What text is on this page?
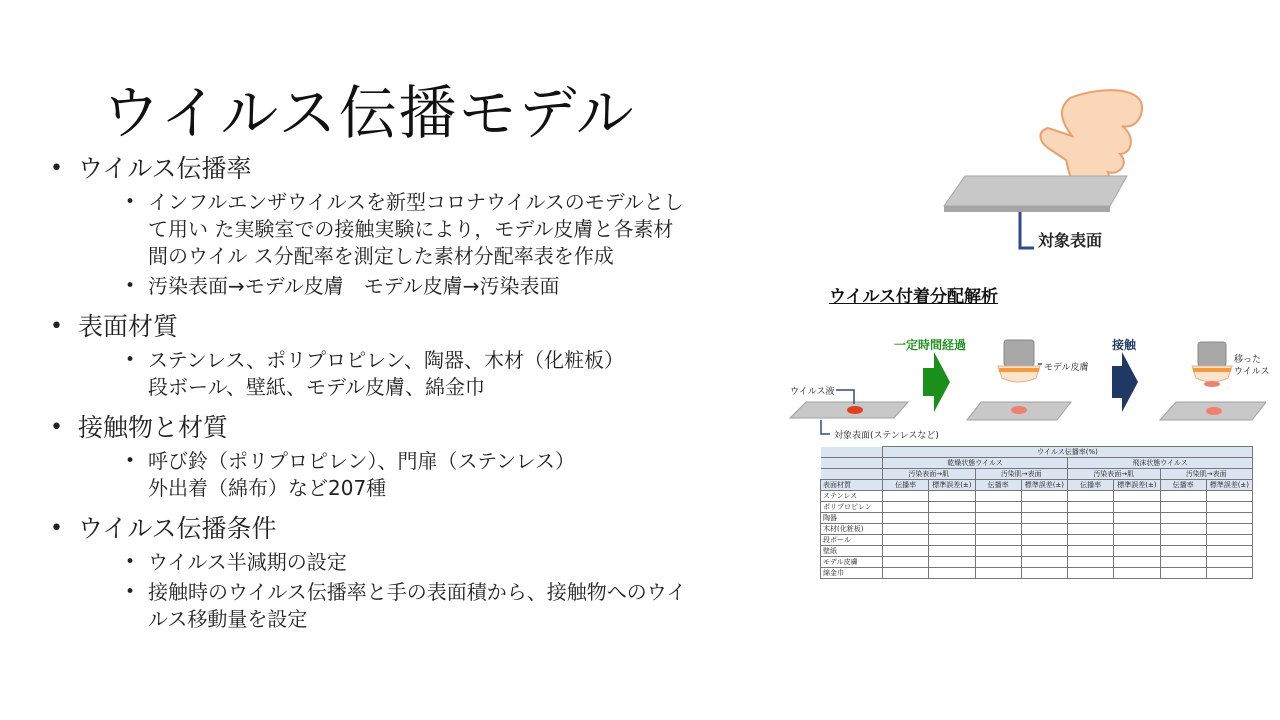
ウイルス伝播モデル
• ウイルス伝播率
• インフルエンザウイルスを新型コロナウイルスのモデルとし
て用い た実験室での接触実験により，モデル皮膚と各素材
間のウイル ス分配率を測定した素材分配率表を作成
• 汚染表面→モデル皮膚　モデル皮膚→汚染表面
• 表面材質
• ステンレス、ポリプロピレン、陶器、木材（化粧板）
段ボール、壁紙、モデル皮膚、綿金巾
• 接触物と材質
• 呼び鈴（ポリプロピレン）、門扉（ステンレス）
外出着（綿布）など207種
• ウイルス伝播条件
• ウイルス半減期の設定
• 接触時のウイルス伝播率と手の表面積から、接触物へのウイ
ルス移動量を設定
対象表面
ウイルス付着分配解析
ウイルス液
対象表面(ステンレスなど)
一定時間経過
モデル皮膚
接触
移った
ウイルス
	ウイルス伝播率(%)							
	乾燥状態ウイルス				飛沫状態ウイルス			
	汚染表面→肌		汚染肌→表面		汚染表面→肌		汚染肌→表面	
表面材質	伝播率	標準誤差(±)	伝播率	標準誤差(±)	伝播率	標準誤差(±)	伝播率	標準誤差(±)
ステンレス								
ポリプロピレン								
陶器								
木材(化粧板)								
段ボール								
壁紙								
モデル皮膚								
綿金巾								
